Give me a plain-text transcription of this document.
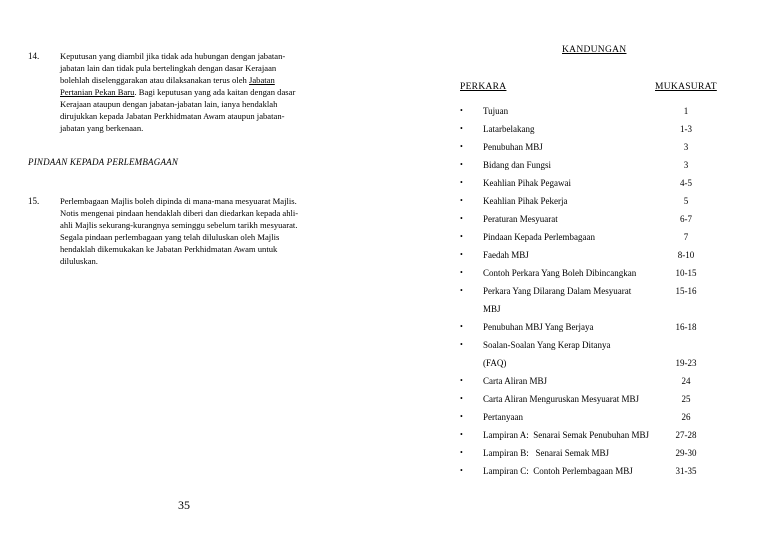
14. Keputusan yang diambil jika tidak ada hubungan dengan jabatan-
jabatan lain dan tidak pula bertelingkah dengan dasar Kerajaan
bolehlah diselenggarakan atau dilaksanakan terus oleh Jabatan
Pertanian Pekan Baru. Bagi keputusan yang ada kaitan dengan dasar
Kerajaan ataupun dengan jabatan-jabatan lain, ianya hendaklah
dirujukkan kepada Jabatan Perkhidmatan Awam ataupun jabatan-
jabatan yang berkenaan.
PINDAAN KEPADA PERLEMBAGAAN
15. Perlembagaan Majlis boleh dipinda di mana-mana mesyuarat Majlis.
Notis mengenai pindaan hendaklah diberi dan diedarkan kepada ahli-
ahli Majlis sekurang-kurangnya seminggu sebelum tarikh mesyuarat.
Segala pindaan perlembagaan yang telah diluluskan oleh Majlis
hendaklah dikemukakan ke Jabatan Perkhidmatan Awam untuk
diluluskan.
35
KANDUNGAN
PERKARA	MUKASURAT
• Tujuan	1
• Latarbelakang	1-3
• Penubuhan MBJ	3
• Bidang dan Fungsi	3
• Keahlian Pihak Pegawai	4-5
• Keahlian Pihak Pekerja	5
• Peraturan Mesyuarat	6-7
• Pindaan Kepada Perlembagaan	7
• Faedah MBJ	8-10
• Contoh Perkara Yang Boleh Dibincangkan	10-15
• Perkara Yang Dilarang Dalam Mesyuarat	15-16
MBJ
• Penubuhan MBJ Yang Berjaya	16-18
• Soalan-Soalan Yang Kerap Ditanya
(FAQ)	19-23
• Carta Aliran MBJ	24
• Carta Aliran Menguruskan Mesyuarat MBJ	25
• Pertanyaan	26
• Lampiran A:  Senarai Semak Penubuhan MBJ	27-28
• Lampiran B:   Senarai Semak MBJ	29-30
• Lampiran C:  Contoh Perlembagaan MBJ	31-35
